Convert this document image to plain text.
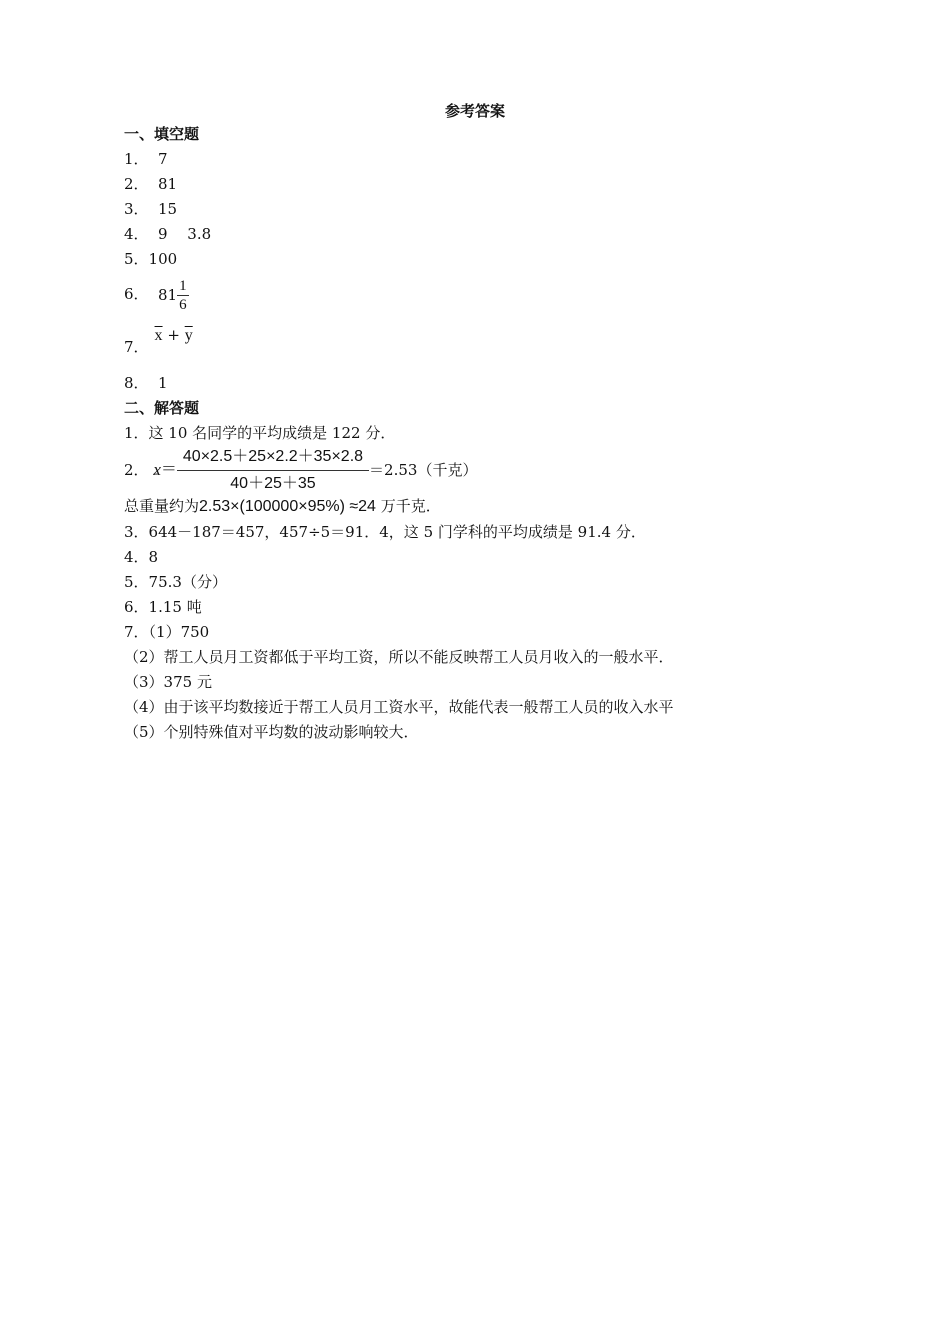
参考答案
一、填空题
1． 7
2． 81
3． 15
4． 9　 3.8
5．100
6． $81 \frac{1}{6}$
7．$\overline{x} + \overline{y}$
8． 1
二、解答题
1．这 10 名同学的平均成绩是 122 分．
2． - $x= \frac{40\times 2.5+25\times 2.2+35\times 2.8}{40+25+35} =2.53$（千克）
总重量约为2.53×(100000×95%) ≈24 万千克．
3．644－187＝457，457÷5＝91．4，这 5 门学科的平均成绩是 91.4 分．
4．8
5．75.3（分）
6．1.15 吨
7．（1）750
（2）帮工人员月工资都低于平均工资，所以不能反映帮工人员月收入的一般水平．
（3）375 元
（4）由于该平均数接近于帮工人员月工资水平，故能代表一般帮工人员的收入水平
（5）个别特殊值对平均数的波动影响较大．
